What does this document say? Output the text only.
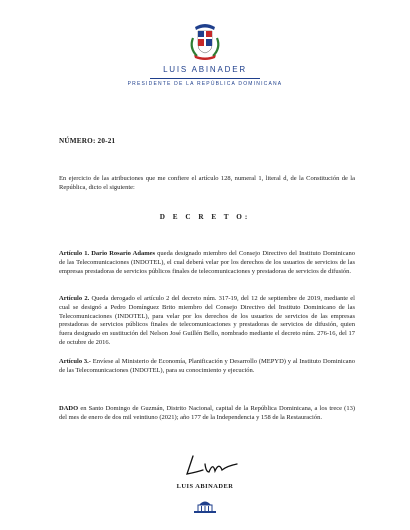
LUIS ABINADER
PRESIDENTE DE LA REPÚBLICA DOMINICANA
NÚMERO: 20-21
En ejercicio de las atribuciones que me confiere el artículo 128, numeral 1, literal d, de la Constitución de la República, dicto el siguiente:
D E C R E T O:
Artículo 1. Dario Rosario Adames queda designado miembro del Consejo Directivo del Instituto Dominicano de las Telecomunicaciones (INDOTEL), el cual deberá velar por los derechos de los usuarios de servicios de las empresas prestadoras de servicios públicos finales de telecomunicaciones y prestadoras de servicios de difusión.
Artículo 2. Queda derogado el artículo 2 del decreto núm. 317-19, del 12 de septiembre de 2019, mediante el cual se designó a Pedro Domínguez Brito miembro del Consejo Directivo del Instituto Dominicano de las Telecomunicaciones (INDOTEL), para velar por los derechos de los usuarios de servicios de las empresas prestadoras de servicios públicos finales de telecomunicaciones y prestadoras de servicios de difusión, quien fuera designado en sustitución del Nelson José Guillén Bello, nombrado mediante el decreto núm. 276-16, del 17 de octubre de 2016.
Artículo 3.- Envíese al Ministerio de Economía, Planificación y Desarrollo (MEPYD) y al Instituto Dominicano de las Telecomunicaciones (INDOTEL), para su conocimiento y ejecución.
DADO en Santo Domingo de Guzmán, Distrito Nacional, capital de la República Dominicana, a los trece (13) del mes de enero de dos mil veintiuno (2021); año 177 de la Independencia y 158 de la Restauración.
LUIS ABINADER
